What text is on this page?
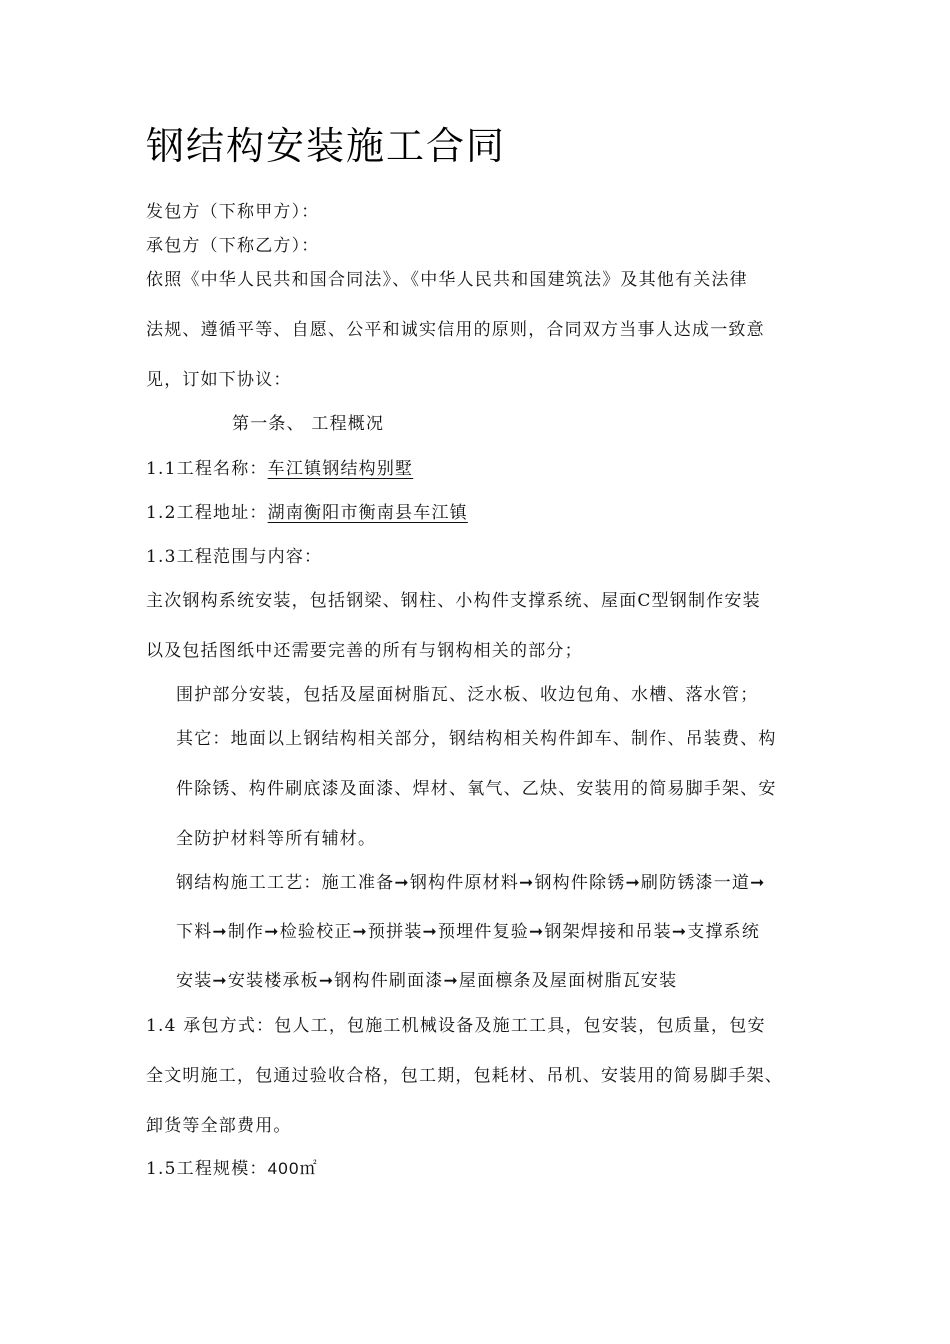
钢结构安装施工合同
发包方（下称甲方）：
承包方（下称乙方）：
依照《中华人民共和国合同法》、《中华人民共和国建筑法》及其他有关法律
法规、遵循平等、自愿、公平和诚实信用的原则，合同双方当事人达成一致意
见，订如下协议：
第一条、 工程概况
1.1工程名称：车江镇钢结构别墅
1.2工程地址：湖南衡阳市衡南县车江镇
1.3工程范围与内容：
主次钢构系统安装，包括钢梁、钢柱、小构件支撑系统、屋面C型钢制作安装
以及包括图纸中还需要完善的所有与钢构相关的部分；
围护部分安装，包括及屋面树脂瓦、泛水板、收边包角、水槽、落水管；
其它：地面以上钢结构相关部分，钢结构相关构件卸车、制作、吊装费、构
件除锈、构件刷底漆及面漆、焊材、氧气、乙炔、安装用的简易脚手架、安
全防护材料等所有辅材。
钢结构施工工艺：施工准备➞钢构件原材料➞钢构件除锈➞刷防锈漆一道➞
下料➞制作➞检验校正➞预拼装➞预埋件复验➞钢架焊接和吊装➞支撑系统
安装➞安装楼承板➞钢构件刷面漆➞屋面檩条及屋面树脂瓦安装
1.4 承包方式：包人工，包施工机械设备及施工工具，包安装，包质量，包安
全文明施工，包通过验收合格，包工期，包耗材、吊机、安装用的简易脚手架、
卸货等全部费用。
1.5工程规模：400㎡
